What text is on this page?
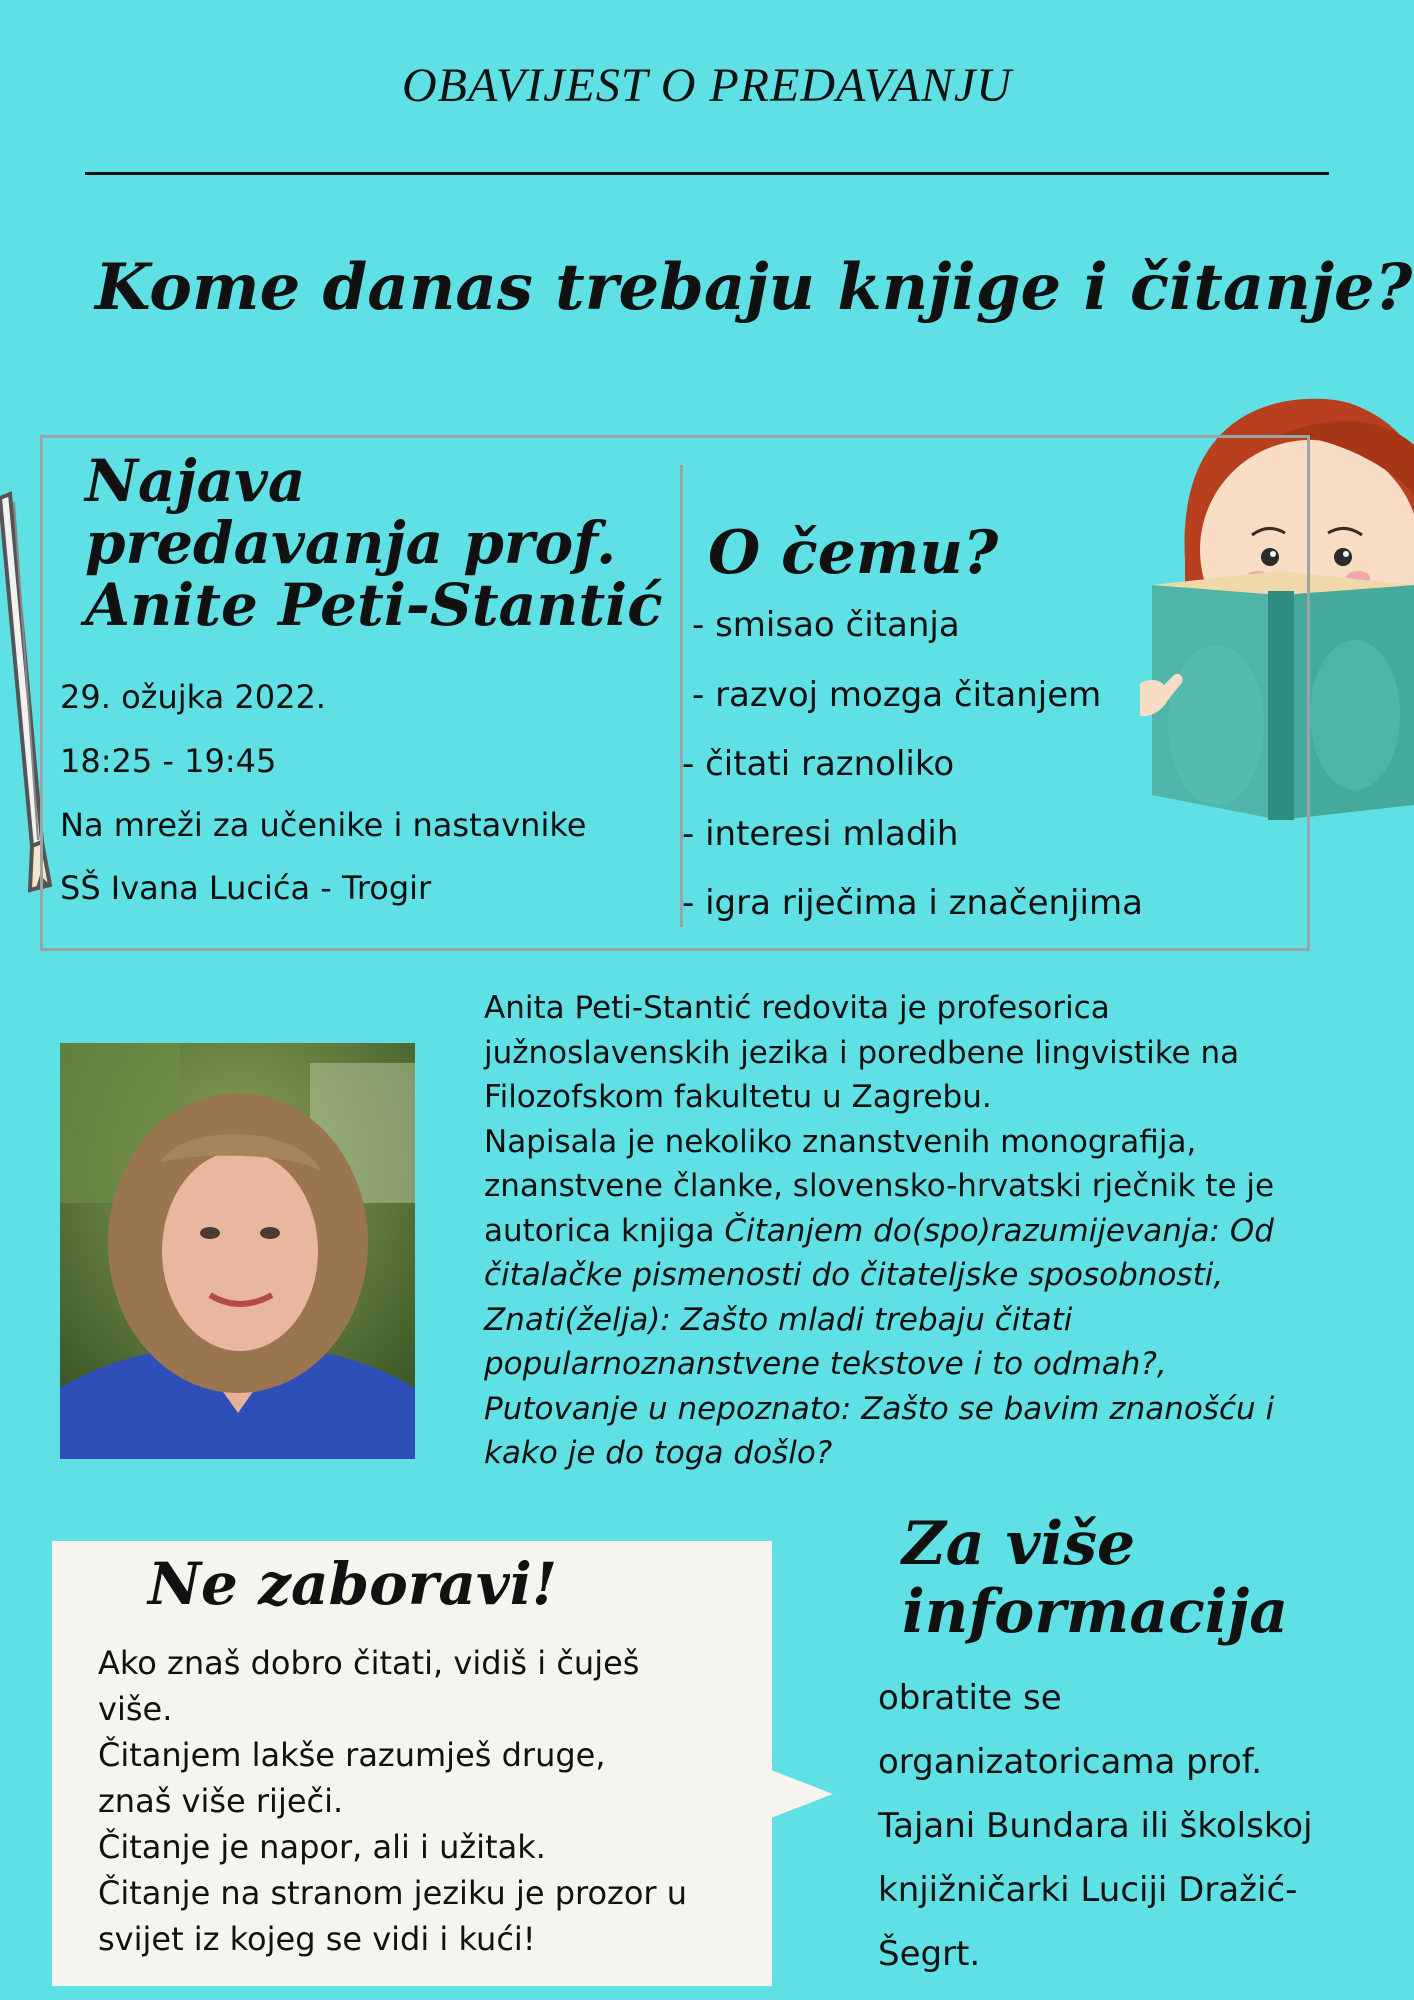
OBAVIJEST O PREDAVANJU
Kome danas trebaju knjige i čitanje?
Najava
predavanja prof.
Anite Peti-Stantić
29. ožujka 2022.
18:25 - 19:45
Na mreži za učenike i nastavnike
SŠ Ivana Lucića - Trogir
O čemu?
- smisao čitanja
- razvoj mozga čitanjem
- čitati raznoliko
- interesi mladih
- igra riječima i značenjima

Anita Peti-Stantić redovita je profesorica

južnoslavenskih jezika i poredbene lingvistike na

Filozofskom fakultetu u Zagrebu.

Napisala je nekoliko znanstvenih monografija,

znanstvene članke, slovensko-hrvatski rječnik te je

autorica knjiga Čitanjem do(spo)razumijevanja: Od

čitalačke pismenosti do čitateljske sposobnosti,

Znati(želja): Zašto mladi trebaju čitati

popularnoznanstvene tekstove i to odmah?,

Putovanje u nepoznato: Zašto se bavim znanošću i

kako je do toga došlo?

Ne zaboravi!

Ako znaš dobro čitati, vidiš i čuješ

više.

Čitanjem lakše razumješ druge,

znaš više riječi.

Čitanje je napor, ali i užitak.

Čitanje na stranom jeziku je prozor u

svijet iz kojeg se vidi i kući!

Za više
informacija
obratite se
organizatoricama prof.
Tajani Bundara ili školskoj
knjižničarki Luciji Dražić-
Šegrt.
